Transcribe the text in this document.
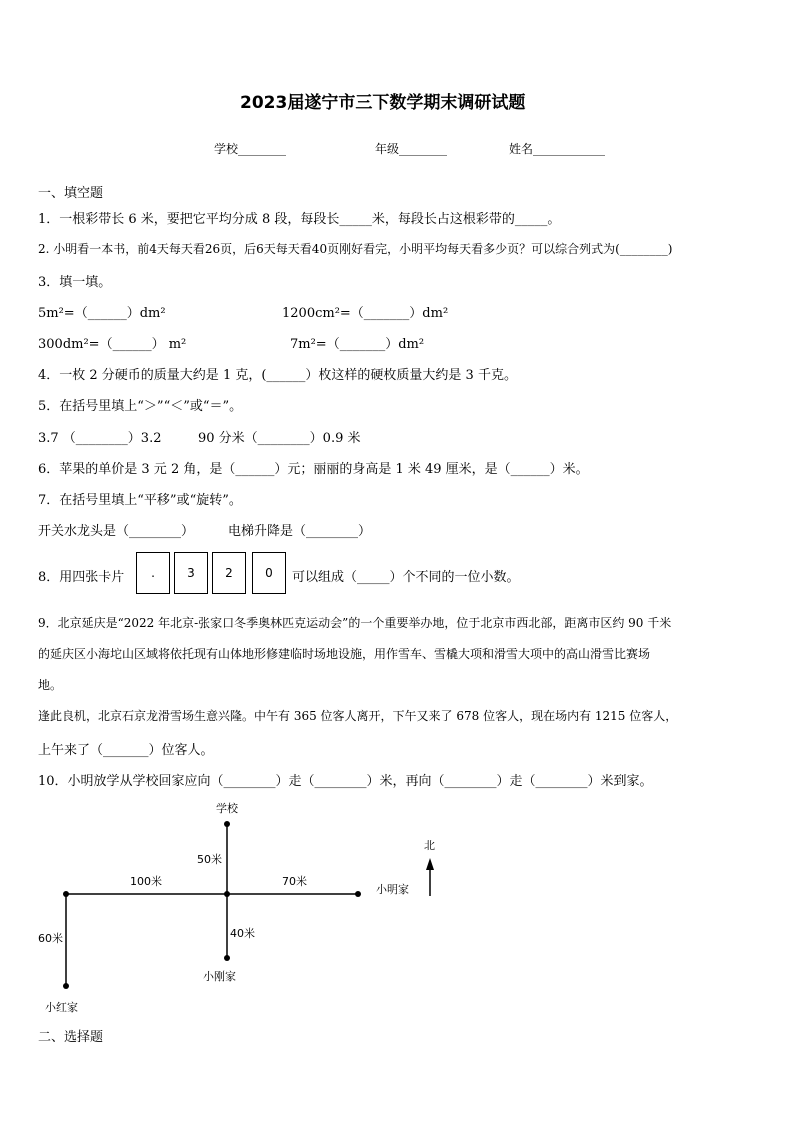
2023届遂宁市三下数学期末调研试题
学校________	年级________	姓名____________
一、填空题
1．一根彩带长 6 米，要把它平均分成 8 段，每段长_____米，每段长占这根彩带的_____。
2. 小明看一本书，前4天每天看26页，后6天每天看40页刚好看完，小明平均每天看多少页？可以综合列式为(________)
3．填一填。
5m²=（______）dm²	1200cm²=（_______）dm²
300dm²=（______） m²	7m²=（_______）dm²
4．一枚 2 分硬币的质量大约是 1 克，(______）枚这样的硬枚质量大约是 3 千克。
5．在括号里填上“＞”“＜”或“＝”。
3.7 （________）3.2	90 分米（________）0.9 米
6．苹果的单价是 3 元 2 角，是（______）元；丽丽的身高是 1 米 49 厘米，是（______）米。
7．在括号里填上“平移”或“旋转”。
开关水龙头是（________）	电梯升降是（________）
8．用四张卡片	.	3	2	0	可以组成（_____）个不同的一位小数。
9．北京延庆是“2022 年北京-张家口冬季奥林匹克运动会”的一个重要举办地，位于北京市西北部，距离市区约 90 千米
的延庆区小海坨山区域将依托现有山体地形修建临时场地设施，用作雪车、雪橇大项和滑雪大项中的高山滑雪比赛场
地。
逢此良机，北京石京龙滑雪场生意兴隆。中午有 365 位客人离开，下午又来了 678 位客人，现在场内有 1215 位客人，
上午来了（_______）位客人。
10．小明放学从学校回家应向（________）走（________）米，再向（________）走（________）米到家。
学校
50米
100米	70米
小明家
40米
小刚家
60米
小红家
北
二、选择题
